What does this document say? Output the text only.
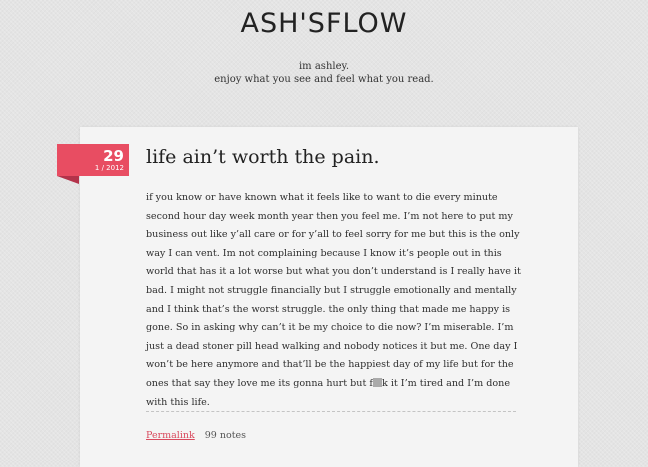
ASH'SFLOW
im ashley.
enjoy what you see and feel what you read.
29
1 / 2012 life ain’t worth the pain.
if you know or have known what it feels like to want to die every minute second hour day week month year then you feel me. I’m not here to put my business out like y’all care or for y’all to feel sorry for me but this is the only way I can vent. Im not complaining because I know it’s people out in this world that has it a lot worse but what you don’t understand is I really have it bad. I might not struggle financially but I struggle emotionally and mentally and I think that’s the worst struggle. the only thing that made me happy is gone. So in asking why can’t it be my choice to die now? I’m miserable. I’m just a dead stoner pill head walking and nobody notices it but me. One day I won’t be here anymore and that’ll be the happiest day of my life but for the ones that say they love me its gonna hurt but f k it I’m tired and I’m done with this life.
Permalink 99 notes
